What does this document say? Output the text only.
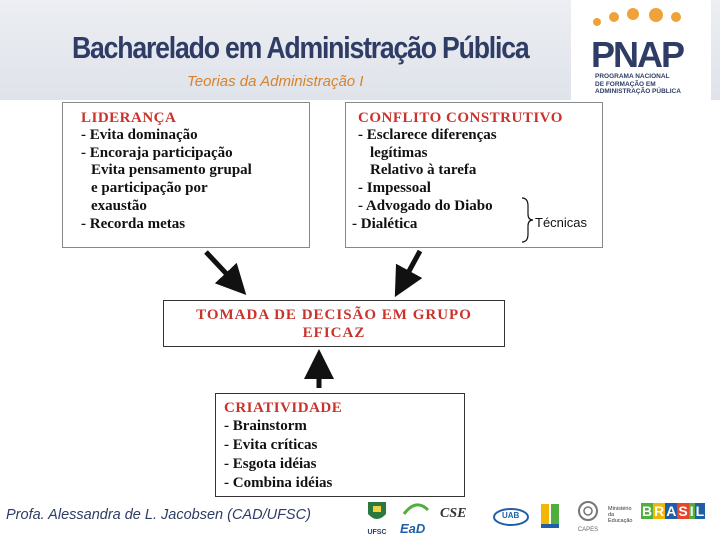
Bacharelado em Administração Pública
Teorias da Administração I
PNAP
PROGRAMA NACIONAL
DE FORMAÇÃO EM
ADMINISTRAÇÃO PÚBLICA
LIDERANÇA
- Evita dominação
- Encoraja participação
Evita pensamento grupal
e participação por
exaustão
- Recorda metas
CONFLITO CONSTRUTIVO
- Esclarece diferenças
legítimas
Relativo à tarefa
- Impessoal
- Advogado do Diabo
- Dialética	Técnicas
TOMADA DE DECISÃO EM GRUPO
EFICAZ
CRIATIVIDADE
- Brainstorm
- Evita críticas
- Esgota idéias
- Combina idéias
Profa. Alessandra de L. Jacobsen (CAD/UFSC)
UFSC EaD
CSE	UAB
CAPES
Ministério da Educação
B R A S I L
